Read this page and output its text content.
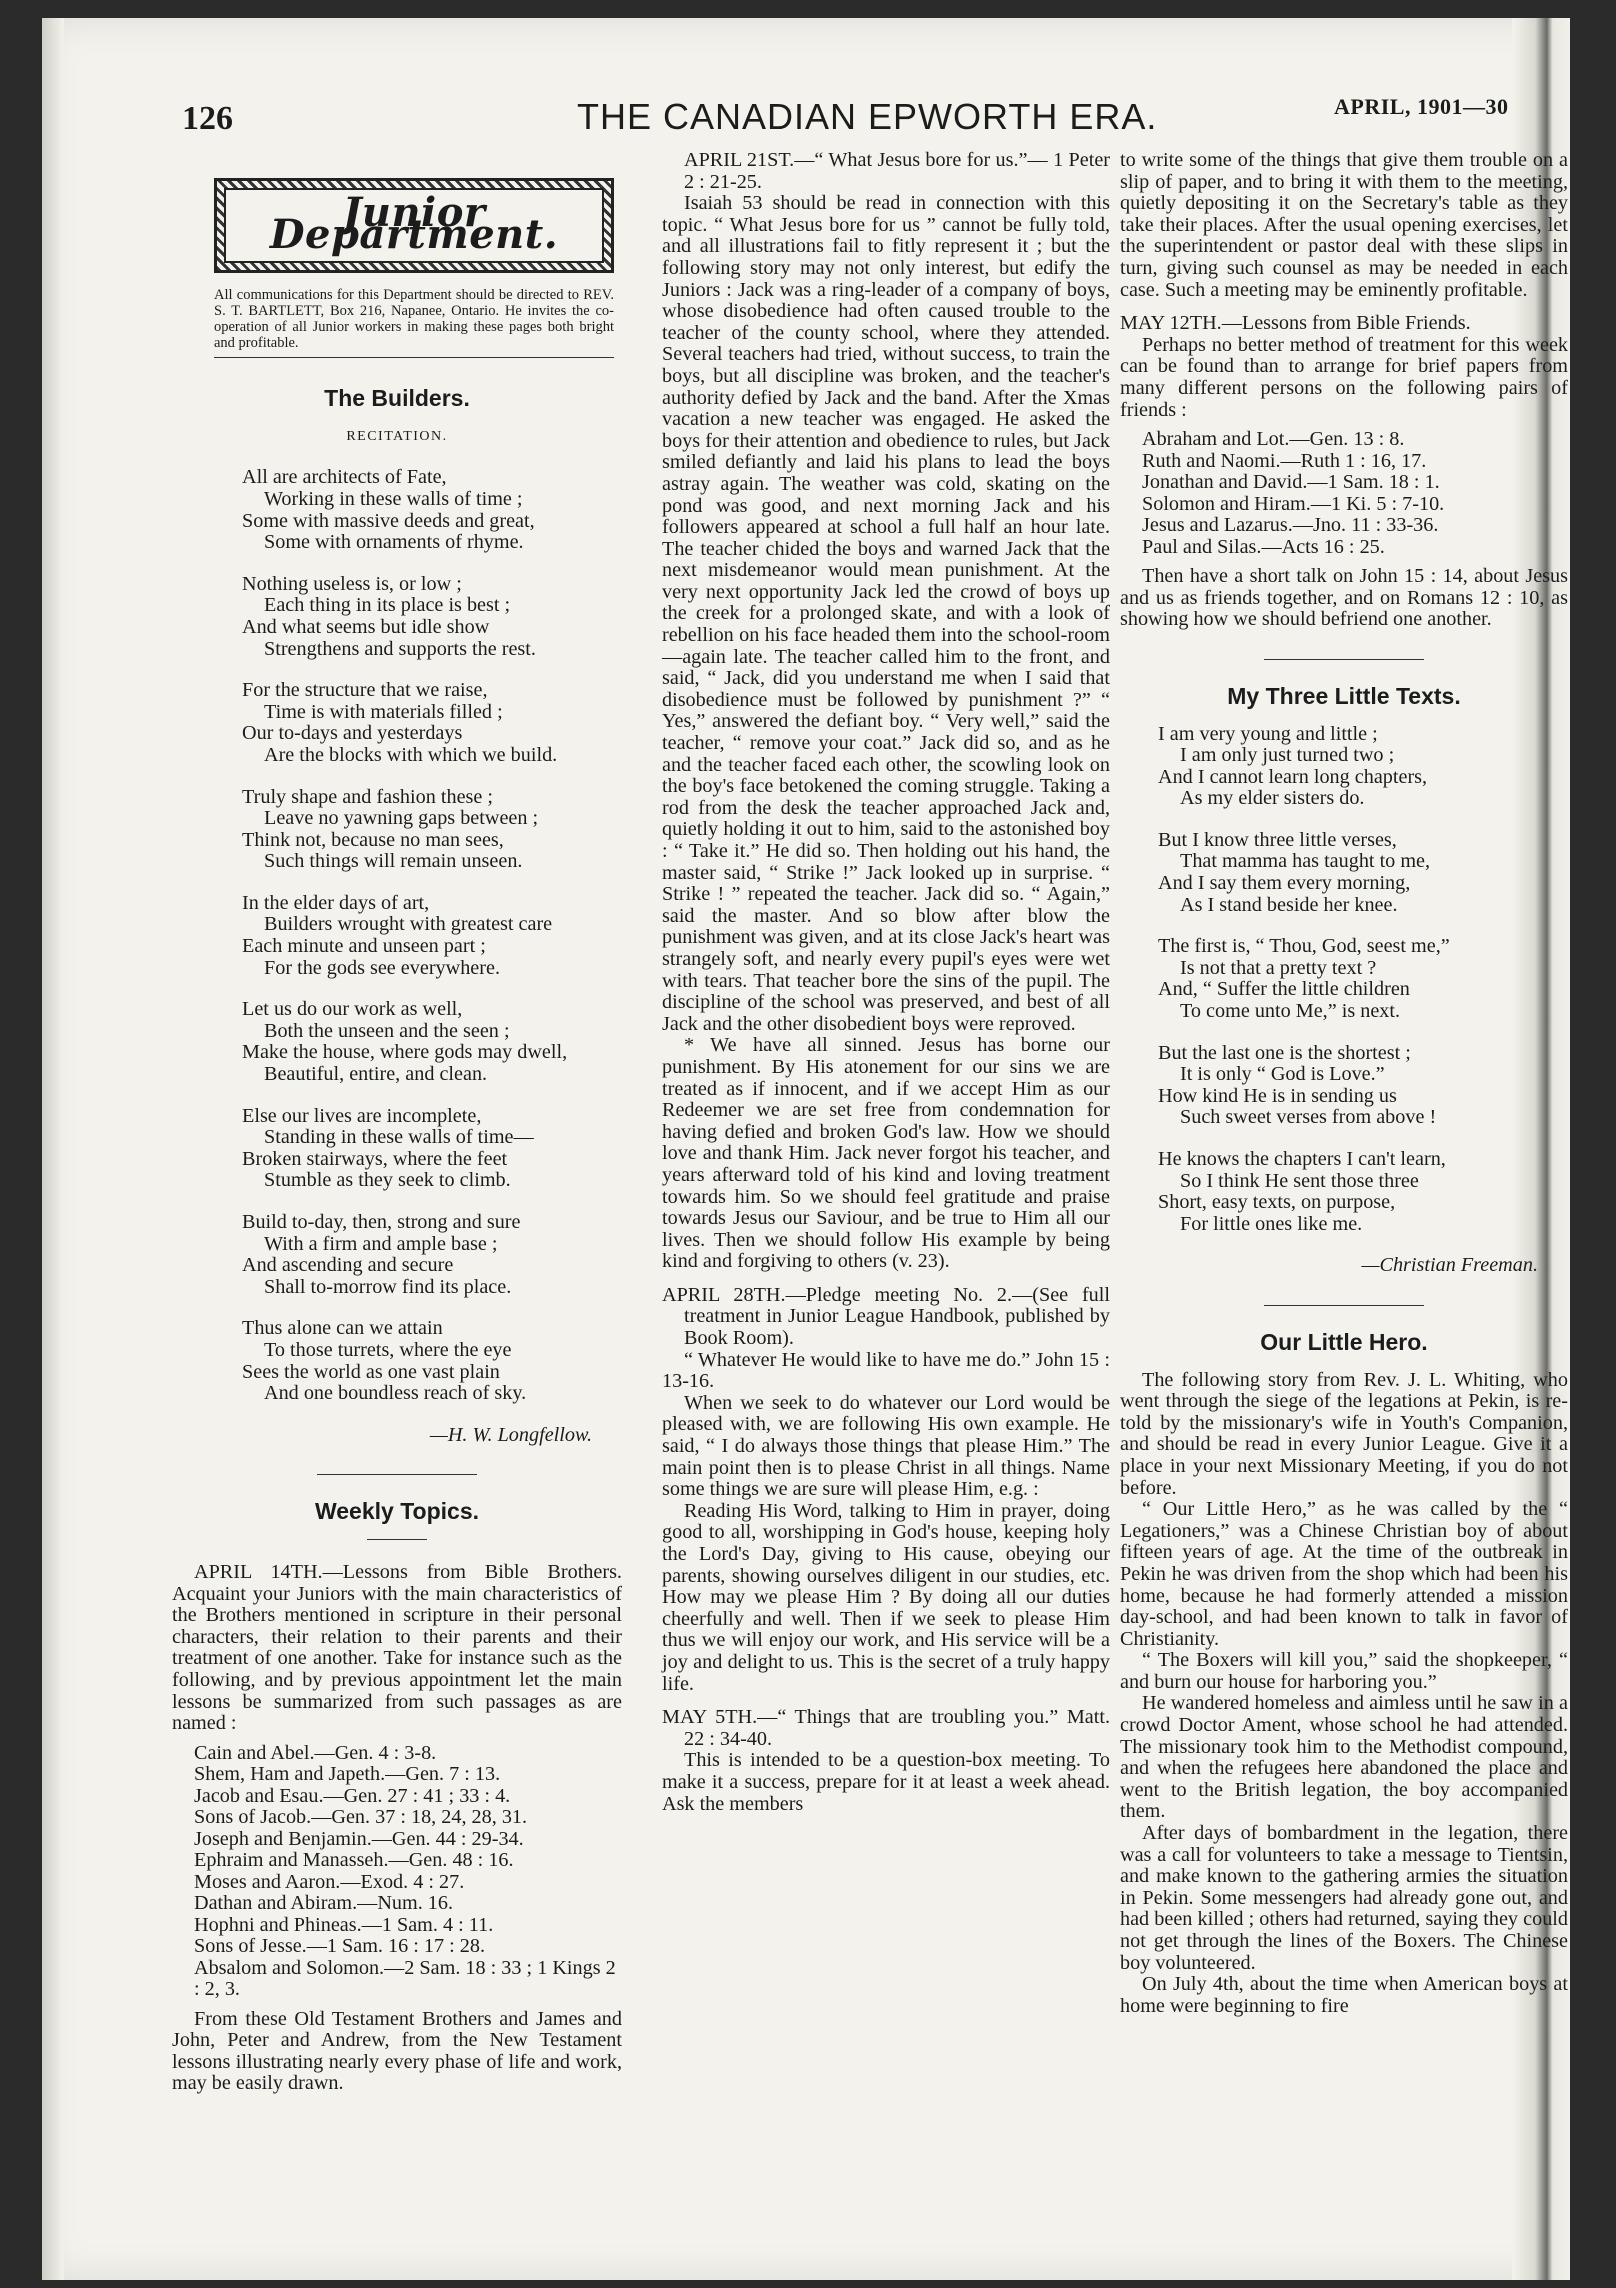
126	THE CANADIAN EPWORTH ERA.	APRIL, 1901—30
Junior Department.
All communications for this Department should be directed to REV. S. T. BARTLETT, Box 216, Napanee, Ontario. He invites the co-operation of all Junior workers in making these pages both bright and profitable.
The Builders.
RECITATION.
All are architects of Fate,
Working in these walls of time ;
Some with massive deeds and great,
Some with ornaments of rhyme.
Nothing useless is, or low ;
Each thing in its place is best ;
And what seems but idle show
Strengthens and supports the rest.
For the structure that we raise,
Time is with materials filled ;
Our to-days and yesterdays
Are the blocks with which we build.
Truly shape and fashion these ;
Leave no yawning gaps between ;
Think not, because no man sees,
Such things will remain unseen.
In the elder days of art,
Builders wrought with greatest care
Each minute and unseen part ;
For the gods see everywhere.
Let us do our work as well,
Both the unseen and the seen ;
Make the house, where gods may dwell,
Beautiful, entire, and clean.
Else our lives are incomplete,
Standing in these walls of time—
Broken stairways, where the feet
Stumble as they seek to climb.
Build to-day, then, strong and sure
With a firm and ample base ;
And ascending and secure
Shall to-morrow find its place.
Thus alone can we attain
To those turrets, where the eye
Sees the world as one vast plain
And one boundless reach of sky.
—H. W. Longfellow.
Weekly Topics.

APRIL 14TH.—Lessons from Bible Brothers. Acquaint your Juniors with the main characteristics of the Brothers mentioned in scripture in their personal characters, their relation to their parents and their treatment of one another. Take for instance such as the following, and by previous appointment let the main lessons be summarized from such passages as are named :

Cain and Abel.—Gen. 4 : 3-8.
Shem, Ham and Japeth.—Gen. 7 : 13.
Jacob and Esau.—Gen. 27 : 41 ; 33 : 4.
Sons of Jacob.—Gen. 37 : 18, 24, 28, 31.
Joseph and Benjamin.—Gen. 44 : 29-34.
Ephraim and Manasseh.—Gen. 48 : 16.
Moses and Aaron.—Exod. 4 : 27.
Dathan and Abiram.—Num. 16.
Hophni and Phineas.—1 Sam. 4 : 11.
Sons of Jesse.—1 Sam. 16 : 17 : 28.
Absalom and Solomon.—2 Sam. 18 : 33 ; 1 Kings 2 : 2, 3.

From these Old Testament Brothers and James and John, Peter and Andrew, from the New Testament lessons illustrating nearly every phase of life and work, may be easily drawn.

APRIL 21ST.—“ What Jesus bore for us.”— 1 Peter 2 : 21-25.

Isaiah 53 should be read in connection with this topic. “ What Jesus bore for us ” cannot be fully told, and all illustrations fail to fitly represent it ; but the following story may not only interest, but edify the Juniors : Jack was a ring-leader of a company of boys, whose disobedience had often caused trouble to the teacher of the county school, where they attended. Several teachers had tried, without success, to train the boys, but all discipline was broken, and the teacher's authority defied by Jack and the band. After the Xmas vacation a new teacher was engaged. He asked the boys for their attention and obedience to rules, but Jack smiled defiantly and laid his plans to lead the boys astray again. The weather was cold, skating on the pond was good, and next morning Jack and his followers appeared at school a full half an hour late. The teacher chided the boys and warned Jack that the next misdemeanor would mean punishment. At the very next opportunity Jack led the crowd of boys up the creek for a prolonged skate, and with a look of rebellion on his face headed them into the school-room—again late. The teacher called him to the front, and said, “ Jack, did you understand me when I said that disobedience must be followed by punishment ?” “ Yes,” answered the defiant boy. “ Very well,” said the teacher, “ remove your coat.” Jack did so, and as he and the teacher faced each other, the scowling look on the boy's face betokened the coming struggle. Taking a rod from the desk the teacher approached Jack and, quietly holding it out to him, said to the astonished boy : “ Take it.” He did so. Then holding out his hand, the master said, “ Strike !” Jack looked up in surprise. “ Strike ! ” repeated the teacher. Jack did so. “ Again,” said the master. And so blow after blow the punishment was given, and at its close Jack's heart was strangely soft, and nearly every pupil's eyes were wet with tears. That teacher bore the sins of the pupil. The discipline of the school was preserved, and best of all Jack and the other disobedient boys were reproved.

* We have all sinned. Jesus has borne our punishment. By His atonement for our sins we are treated as if innocent, and if we accept Him as our Redeemer we are set free from condemnation for having defied and broken God's law. How we should love and thank Him. Jack never forgot his teacher, and years afterward told of his kind and loving treatment towards him. So we should feel gratitude and praise towards Jesus our Saviour, and be true to Him all our lives. Then we should follow His example by being kind and forgiving to others (v. 23).

APRIL 28TH.—Pledge meeting No. 2.—(See full treatment in Junior League Handbook, published by Book Room).

“ Whatever He would like to have me do.” John 15 : 13-16.

When we seek to do whatever our Lord would be pleased with, we are following His own example. He said, “ I do always those things that please Him.” The main point then is to please Christ in all things. Name some things we are sure will please Him, e.g. :

Reading His Word, talking to Him in prayer, doing good to all, worshipping in God's house, keeping holy the Lord's Day, giving to His cause, obeying our parents, showing ourselves diligent in our studies, etc. How may we please Him ? By doing all our duties cheerfully and well. Then if we seek to please Him thus we will enjoy our work, and His service will be a joy and delight to us. This is the secret of a truly happy life.

MAY 5TH.—“ Things that are troubling you.” Matt. 22 : 34-40.

This is intended to be a question-box meeting. To make it a success, prepare for it at least a week ahead. Ask the members

to write some of the things that give them trouble on a slip of paper, and to bring it with them to the meeting, quietly depositing it on the Secretary's table as they take their places. After the usual opening exercises, let the superintendent or pastor deal with these slips in turn, giving such counsel as may be needed in each case. Such a meeting may be eminently profitable.

MAY 12TH.—Lessons from Bible Friends.

Perhaps no better method of treatment for this week can be found than to arrange for brief papers from many different persons on the following pairs of friends :

Abraham and Lot.—Gen. 13 : 8.
Ruth and Naomi.—Ruth 1 : 16, 17.
Jonathan and David.—1 Sam. 18 : 1.
Solomon and Hiram.—1 Ki. 5 : 7-10.
Jesus and Lazarus.—Jno. 11 : 33-36.
Paul and Silas.—Acts 16 : 25.

Then have a short talk on John 15 : 14, about Jesus and us as friends together, and on Romans 12 : 10, as showing how we should befriend one another.

My Three Little Texts.
I am very young and little ;
I am only just turned two ;
And I cannot learn long chapters,
As my elder sisters do.
But I know three little verses,
That mamma has taught to me,
And I say them every morning,
As I stand beside her knee.
The first is, “ Thou, God, seest me,”
Is not that a pretty text ?
And, “ Suffer the little children
To come unto Me,” is next.
But the last one is the shortest ;
It is only “ God is Love.”
How kind He is in sending us
Such sweet verses from above !
He knows the chapters I can't learn,
So I think He sent those three
Short, easy texts, on purpose,
For little ones like me.
—Christian Freeman.
Our Little Hero.

The following story from Rev. J. L. Whiting, who went through the siege of the legations at Pekin, is re-told by the missionary's wife in Youth's Companion, and should be read in every Junior League. Give it a place in your next Missionary Meeting, if you do not before.

“ Our Little Hero,” as he was called by the “ Legationers,” was a Chinese Christian boy of about fifteen years of age. At the time of the outbreak in Pekin he was driven from the shop which had been his home, because he had formerly attended a mission day-school, and had been known to talk in favor of Christianity.

“ The Boxers will kill you,” said the shopkeeper, “ and burn our house for harboring you.”

He wandered homeless and aimless until he saw in a crowd Doctor Ament, whose school he had attended. The missionary took him to the Methodist compound, and when the refugees here abandoned the place and went to the British legation, the boy accompanied them.

After days of bombardment in the legation, there was a call for volunteers to take a message to Tientsin, and make known to the gathering armies the situation in Pekin. Some messengers had already gone out, and had been killed ; others had returned, saying they could not get through the lines of the Boxers. The Chinese boy volunteered.

On July 4th, about the time when American boys at home were beginning to fire
